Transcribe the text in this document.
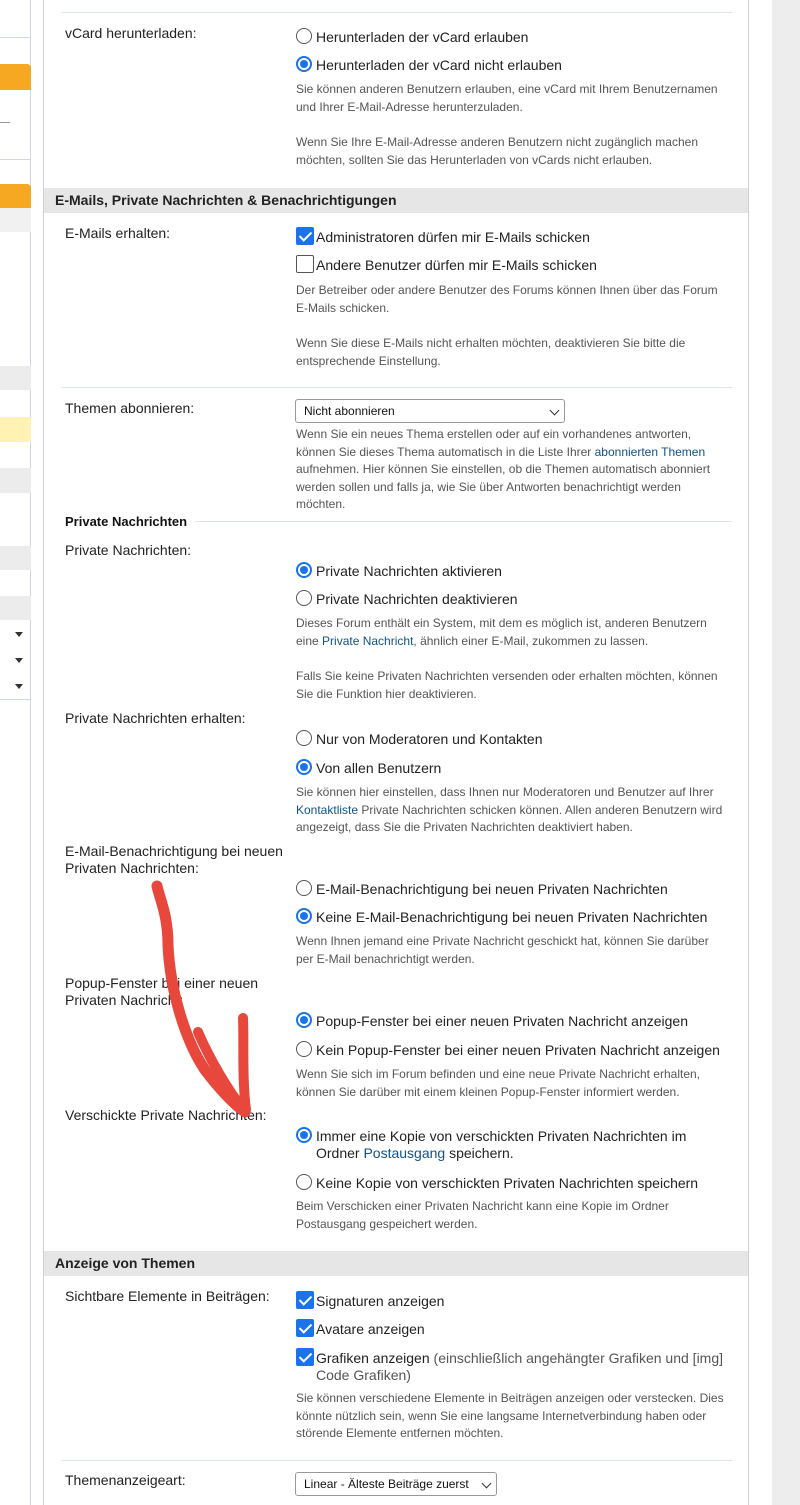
vCard herunterladen:	Herunterladen der vCard erlauben
Herunterladen der vCard nicht erlauben
Sie können anderen Benutzern erlauben, eine vCard mit Ihrem Benutzernamen und Ihrer E-Mail-Adresse herunterzuladen.
Wenn Sie Ihre E-Mail-Adresse anderen Benutzern nicht zugänglich machen möchten, sollten Sie das Herunterladen von vCards nicht erlauben.
E-Mails, Private Nachrichten & Benachrichtigungen
E-Mails erhalten:	Administratoren dürfen mir E-Mails schicken
Andere Benutzer dürfen mir E-Mails schicken
Der Betreiber oder andere Benutzer des Forums können Ihnen über das Forum E-Mails schicken.
Wenn Sie diese E-Mails nicht erhalten möchten, deaktivieren Sie bitte die entsprechende Einstellung.
Themen abonnieren:	Nicht abonnieren
Wenn Sie ein neues Thema erstellen oder auf ein vorhandenes antworten, können Sie dieses Thema automatisch in die Liste Ihrer abonnierten Themen aufnehmen. Hier können Sie einstellen, ob die Themen automatisch abonniert werden sollen und falls ja, wie Sie über Antworten benachrichtigt werden möchten.
Private Nachrichten
Private Nachrichten:
Private Nachrichten aktivieren
Private Nachrichten deaktivieren
Dieses Forum enthält ein System, mit dem es möglich ist, anderen Benutzern eine Private Nachricht, ähnlich einer E-Mail, zukommen zu lassen.
Falls Sie keine Privaten Nachrichten versenden oder erhalten möchten, können Sie die Funktion hier deaktivieren.
Private Nachrichten erhalten:
Nur von Moderatoren und Kontakten
Von allen Benutzern
Sie können hier einstellen, dass Ihnen nur Moderatoren und Benutzer auf Ihrer Kontaktliste Private Nachrichten schicken können. Allen anderen Benutzern wird angezeigt, dass Sie die Privaten Nachrichten deaktiviert haben.
E-Mail-Benachrichtigung bei neuen Privaten Nachrichten:
E-Mail-Benachrichtigung bei neuen Privaten Nachrichten
Keine E-Mail-Benachrichtigung bei neuen Privaten Nachrichten
Wenn Ihnen jemand eine Private Nachricht geschickt hat, können Sie darüber per E-Mail benachrichtigt werden.
Popup-Fenster bei einer neuen Privaten Nachricht:
Popup-Fenster bei einer neuen Privaten Nachricht anzeigen
Kein Popup-Fenster bei einer neuen Privaten Nachricht anzeigen
Wenn Sie sich im Forum befinden und eine neue Private Nachricht erhalten, können Sie darüber mit einem kleinen Popup-Fenster informiert werden.
Verschickte Private Nachrichten:
Immer eine Kopie von verschickten Privaten Nachrichten im Ordner Postausgang speichern.
Keine Kopie von verschickten Privaten Nachrichten speichern
Beim Verschicken einer Privaten Nachricht kann eine Kopie im Ordner Postausgang gespeichert werden.
Anzeige von Themen
Sichtbare Elemente in Beiträgen:	Signaturen anzeigen
Avatare anzeigen
Grafiken anzeigen (einschließlich angehängter Grafiken und [img] Code Grafiken)
Sie können verschiedene Elemente in Beiträgen anzeigen oder verstecken. Dies könnte nützlich sein, wenn Sie eine langsame Internetverbindung haben oder störende Elemente entfernen möchten.
Themenanzeigeart:	Linear - Älteste Beiträge zuerst
